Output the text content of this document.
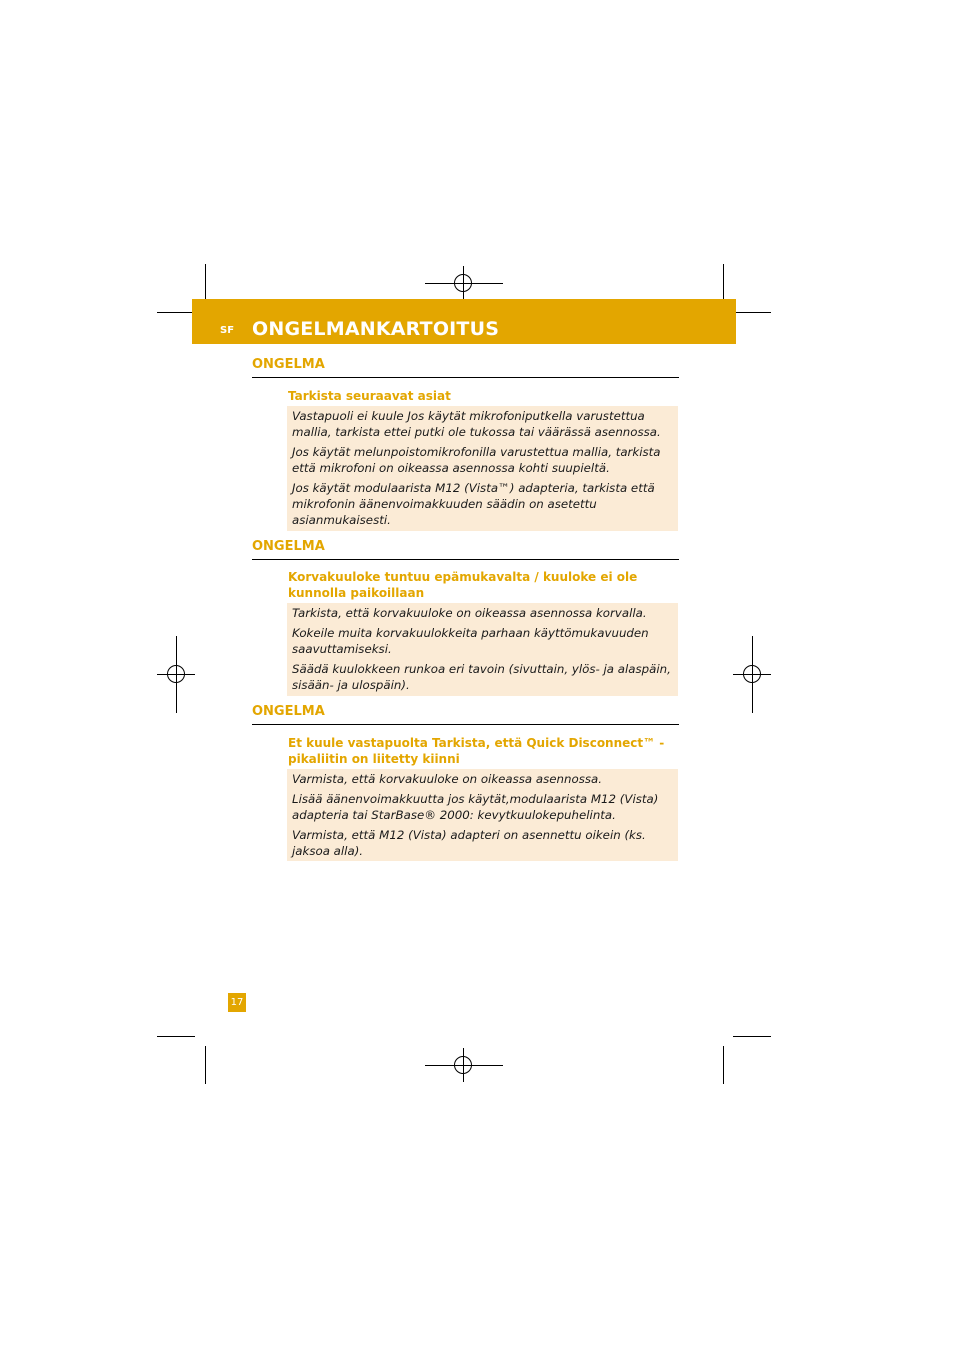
SF ONGELMANKARTOITUS
ONGELMA
Tarkista seuraavat asiat

Vastapuoli ei kuule Jos käytät mikrofoniputkella varustettua mallia, tarkista ettei putki ole tukossa tai väärässä asennossa.

Jos käytät melunpoistomikrofonilla varustettua mallia, tarkista että mikrofoni on oikeassa asennossa kohti suupieltä.

Jos käytät modulaarista M12 (Vista™) adapteria, tarkista että mikrofonin äänenvoimakkuuden säädin on asetettu asianmukaisesti.

ONGELMA
Korvakuuloke tuntuu epämukavalta / kuuloke ei ole kunnolla paikoillaan

Tarkista, että korvakuuloke on oikeassa asennossa korvalla.

Kokeile muita korvakuulokkeita parhaan käyttömukavuuden saavuttamiseksi.

Säädä kuulokkeen runkoa eri tavoin (sivuttain, ylös- ja alaspäin, sisään- ja ulospäin).

ONGELMA
Et kuule vastapuolta Tarkista, että Quick Disconnect™ -pikaliitin on liitetty kiinni

Varmista, että korvakuuloke on oikeassa asennossa.

Lisää äänenvoimakkuutta jos käytät,modulaarista M12 (Vista) adapteria tai StarBase® 2000: kevytkuulokepuhelinta.

Varmista, että M12 (Vista) adapteri on asennettu oikein (ks. jaksoa alla).

17
